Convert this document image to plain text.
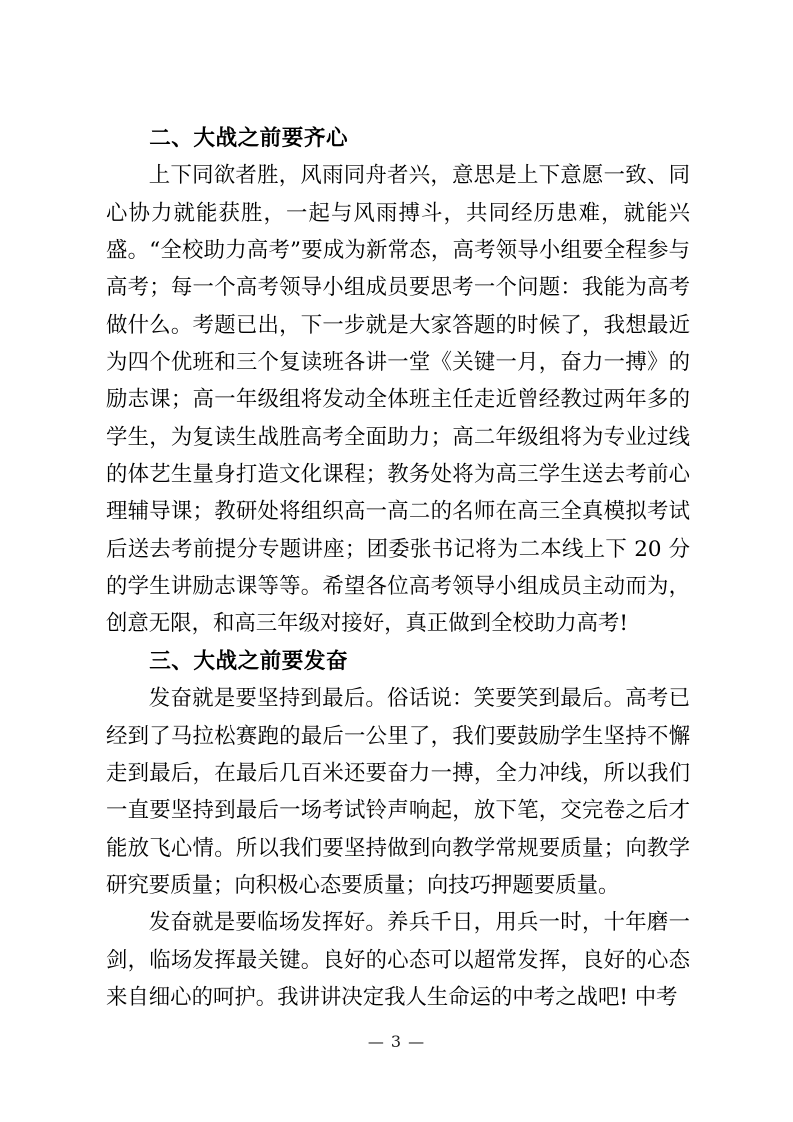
二、大战之前要齐心

上下同欲者胜，风雨同舟者兴，意思是上下意愿一致、同心协力就能获胜，一起与风雨搏斗，共同经历患难，就能兴盛。“全校助力高考”要成为新常态，高考领导小组要全程参与高考；每一个高考领导小组成员要思考一个问题：我能为高考做什么。考题已出，下一步就是大家答题的时候了，我想最近为四个优班和三个复读班各讲一堂《关键一月，奋力一搏》的励志课；高一年级组将发动全体班主任走近曾经教过两年多的学生，为复读生战胜高考全面助力；高二年级组将为专业过线的体艺生量身打造文化课程；教务处将为高三学生送去考前心理辅导课；教研处将组织高一高二的名师在高三全真模拟考试后送去考前提分专题讲座；团委张书记将为二本线上下 20 分的学生讲励志课等等。希望各位高考领导小组成员主动而为，创意无限，和高三年级对接好，真正做到全校助力高考!

三、大战之前要发奋

发奋就是要坚持到最后。俗话说：笑要笑到最后。高考已经到了马拉松赛跑的最后一公里了，我们要鼓励学生坚持不懈走到最后，在最后几百米还要奋力一搏，全力冲线，所以我们一直要坚持到最后一场考试铃声响起，放下笔，交完卷之后才能放飞心情。所以我们要坚持做到向教学常规要质量；向教学研究要质量；向积极心态要质量；向技巧押题要质量。

发奋就是要临场发挥好。养兵千日，用兵一时，十年磨一剑，临场发挥最关键。良好的心态可以超常发挥，良好的心态来自细心的呵护。我讲讲决定我人生命运的中考之战吧! 中考

— 3 —
